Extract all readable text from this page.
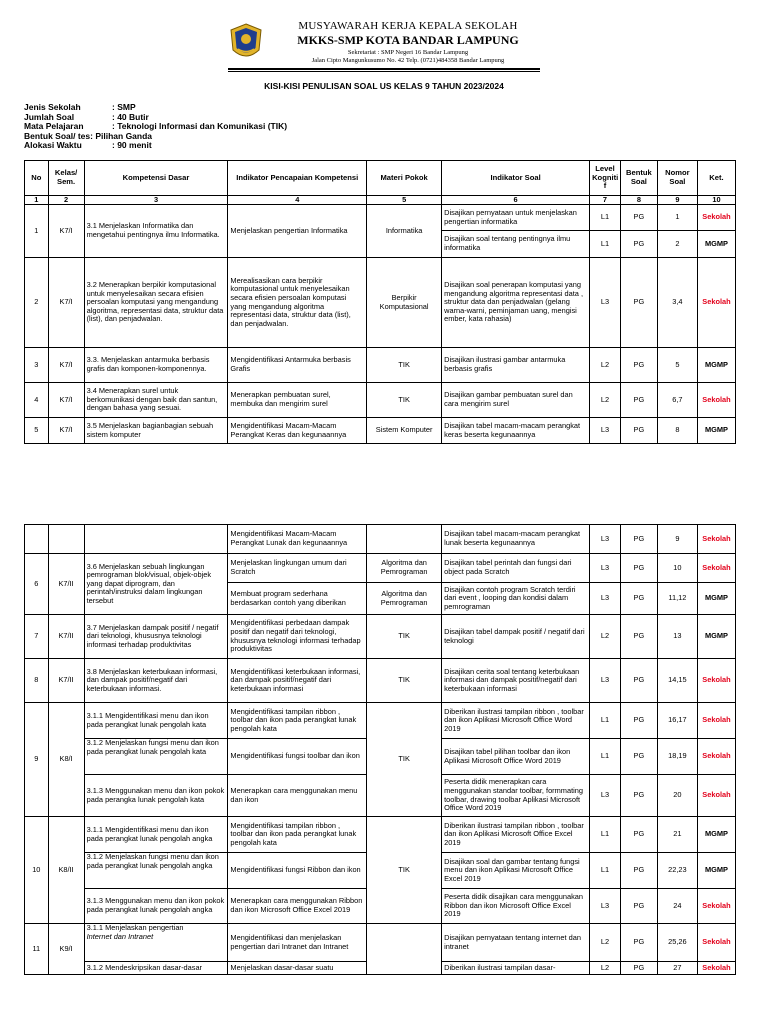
MUSYAWARAH KERJA KEPALA SEKOLAH
MKKS-SMP KOTA BANDAR LAMPUNG
Sekretariat : SMP Negeri 16 Bandar Lampung
Jalan Cipto Mangunkusumo No. 42 Telp. (0721)484358 Bandar Lampung
KISI-KISI PENULISAN SOAL US KELAS 9 TAHUN 2023/2024
Jenis Sekolah	: SMP
Jumlah Soal	: 40 Butir
Mata Pelajaran	: Teknologi Informasi dan Komunikasi (TIK)
Bentuk Soal/ tes:
Pilihan Ganda
Alokasi Waktu	: 90 menit
No	Kelas/ Sem.	Kompetensi Dasar	Indikator Pencapaian Kompetensi	Materi Pokok	Indikator Soal	Level Kogniti f	Bentuk Soal	Nomor Soal	Ket.
1	2	3	4	5	6	7	8	9	10
1	K7/I	3.1 Menjelaskan Informatika dan mengetahui pentingnya ilmu Informatika.	Menjelaskan pengertian Informatika	Informatika	Disajikan pernyataan untuk menjelaskan pengertian informatika	L1	PG	1	Sekolah
					Disajikan soal tentang pentingnya ilmu informatika	L1	PG	2	MGMP
2	K7/I	3.2 Menerapkan berpikir komputasional untuk menyelesaikan secara efisien persoalan komputasi yang mengandung algoritma, representasi data, struktur data (list), dan penjadwalan.	Merealisasikan cara berpikir komputasional untuk menyelesaikan secara efisien persoalan komputasi yang mengandung algoritma representasi data, struktur data (list), dan penjadwalan.	Berpikir Komputasional	Disajikan soal penerapan komputasi yang mengandung algoritma representasi data , struktur data dan penjadwalan (gelang warna-warni, peminjaman uang, mengisi ember, kata rahasia)	L3	PG	3,4	Sekolah
3	K7/I	3.3. Menjelaskan antarmuka berbasis grafis dan komponen-komponennya.	Mengidentifikasi Antarmuka berbasis Grafis	TIK	Disajikan ilustrasi gambar antarmuka berbasis grafis	L2	PG	5	MGMP
4	K7/I	3.4 Menerapkan surel untuk berkomunikasi dengan baik dan santun, dengan bahasa yang sesuai.	Menerapkan pembuatan surel, membuka dan mengirim surel	TIK	Disajikan gambar pembuatan surel dan cara mengirim surel	L2	PG	6,7	Sekolah
5	K7/I	3.5 Menjelaskan bagianbagian sebuah sistem komputer	Mengidentifikasi Macam-Macam Perangkat Keras dan kegunaannya	Sistem Komputer	Disajikan tabel macam-macam perangkat keras beserta kegunaannya	L3	PG	8	MGMP
			Mengidentifikasi Macam-Macam Perangkat Lunak dan kegunaannya		Disajikan tabel macam-macam perangkat lunak beserta kegunaannya	L3	PG	9	Sekolah
6	K7/II	3.6 Menjelaskan sebuah lingkungan pemrograman blok/visual, objek-objek yang dapat diprogram, dan perintah/instruksi dalam lingkungan tersebut	Menjelaskan lingkungan umum dari Scratch	Algoritma dan Pemrograman	Disajikan tabel perintah dan fungsi dari object pada Scratch	L3	PG	10	Sekolah
			Membuat program sederhana berdasarkan contoh yang diberikan	Algoritma dan Pemrograman	Disajikan contoh program Scratch terdiri dari event , looping dan kondisi dalam pemrograman	L3	PG	11,12	MGMP
7	K7/II	3.7 Menjelaskan dampak positif / negatif dari teknologi, khususnya teknologi informasi terhadap produktivitas	Mengidentifikasi perbedaan dampak positif dan negatif dari teknologi, khususnya teknologi informasi terhadap produktivitas	TIK	Disajikan tabel dampak positif / negatif dari teknologi	L2	PG	13	MGMP
8	K7/II	3.8 Menjelaskan keterbukaan informasi, dan dampak positif/negatif dari keterbukaan informasi.	Mengidentifikasi keterbukaan informasi, dan dampak positif/negatif dari keterbukaan informasi	TIK	Disajikan cerita soal tentang keterbukaan informasi dan dampak positif/negatif dari keterbukaan informasi	L3	PG	14,15	Sekolah
9	K8/I	3.1.1 Mengidentifikasi menu dan ikon pada perangkat lunak pengolah kata	Mengidentifikasi tampilan ribbon , toolbar dan ikon pada perangkat lunak pengolah kata	TIK	Diberikan ilustrasi tampilan ribbon , toolbar dan ikon Aplikasi Microsoft Office Word 2019	L1	PG	16,17	Sekolah
		3.1.2 Menjelaskan fungsi menu dan ikon pada perangkat lunak pengolah kata	Mengidentifikasi fungsi toolbar dan ikon		Disajikan tabel pilihan toolbar dan ikon Aplikasi Microsoft Office Word 2019	L1	PG	18,19	Sekolah
		3.1.3 Menggunakan menu dan ikon pokok pada perangka lunak pengolah kata	Menerapkan cara menggunakan menu dan ikon		Peserta didik menerapkan cara menggunakan standar toolbar, formmating toolbar, drawing toolbar Aplikasi Microsoft Office Word 2019	L3	PG	20	Sekolah
10	K8/II	3.1.1 Mengidentifikasi menu dan ikon pada perangkat lunak pengolah angka	Mengidentifikasi tampilan ribbon , toolbar dan ikon pada perangkat lunak pengolah kata	TIK	Diberikan ilustrasi tampilan ribbon , toolbar dan ikon Aplikasi Microsoft Office Excel 2019	L1	PG	21	MGMP
		3.1.2 Menjelaskan fungsi menu dan ikon pada perangkat lunak pengolah angka	Mengidentifikasi fungsi Ribbon dan ikon		Disajikan soal dan gambar tentang fungsi menu dan ikon Aplikasi Microsoft Office Excel 2019	L1	PG	22,23	MGMP
		3.1.3 Menggunakan menu dan ikon pokok pada perangkat lunak pengolah angka	Menerapkan cara menggunakan Ribbon dan ikon Microsoft Office Excel 2019		Peserta didik disajikan cara menggunakan Ribbon dan ikon Microsoft Office Excel 2019	L3	PG	24	Sekolah
11	K9/I	3.1.1 Menjelaskan pengertian
Internet dan Intranet	Mengidentifikasi dan menjelaskan pengertian dari Intranet dan Intranet		Disajikan pernyataan tentang internet dan intranet	L2	PG	25,26	Sekolah
		3.1.2 Mendeskripsikan dasar-dasar	Menjelaskan dasar-dasar suatu		Diberikan ilustrasi tampilan dasar-	L2	PG	27	Sekolah
